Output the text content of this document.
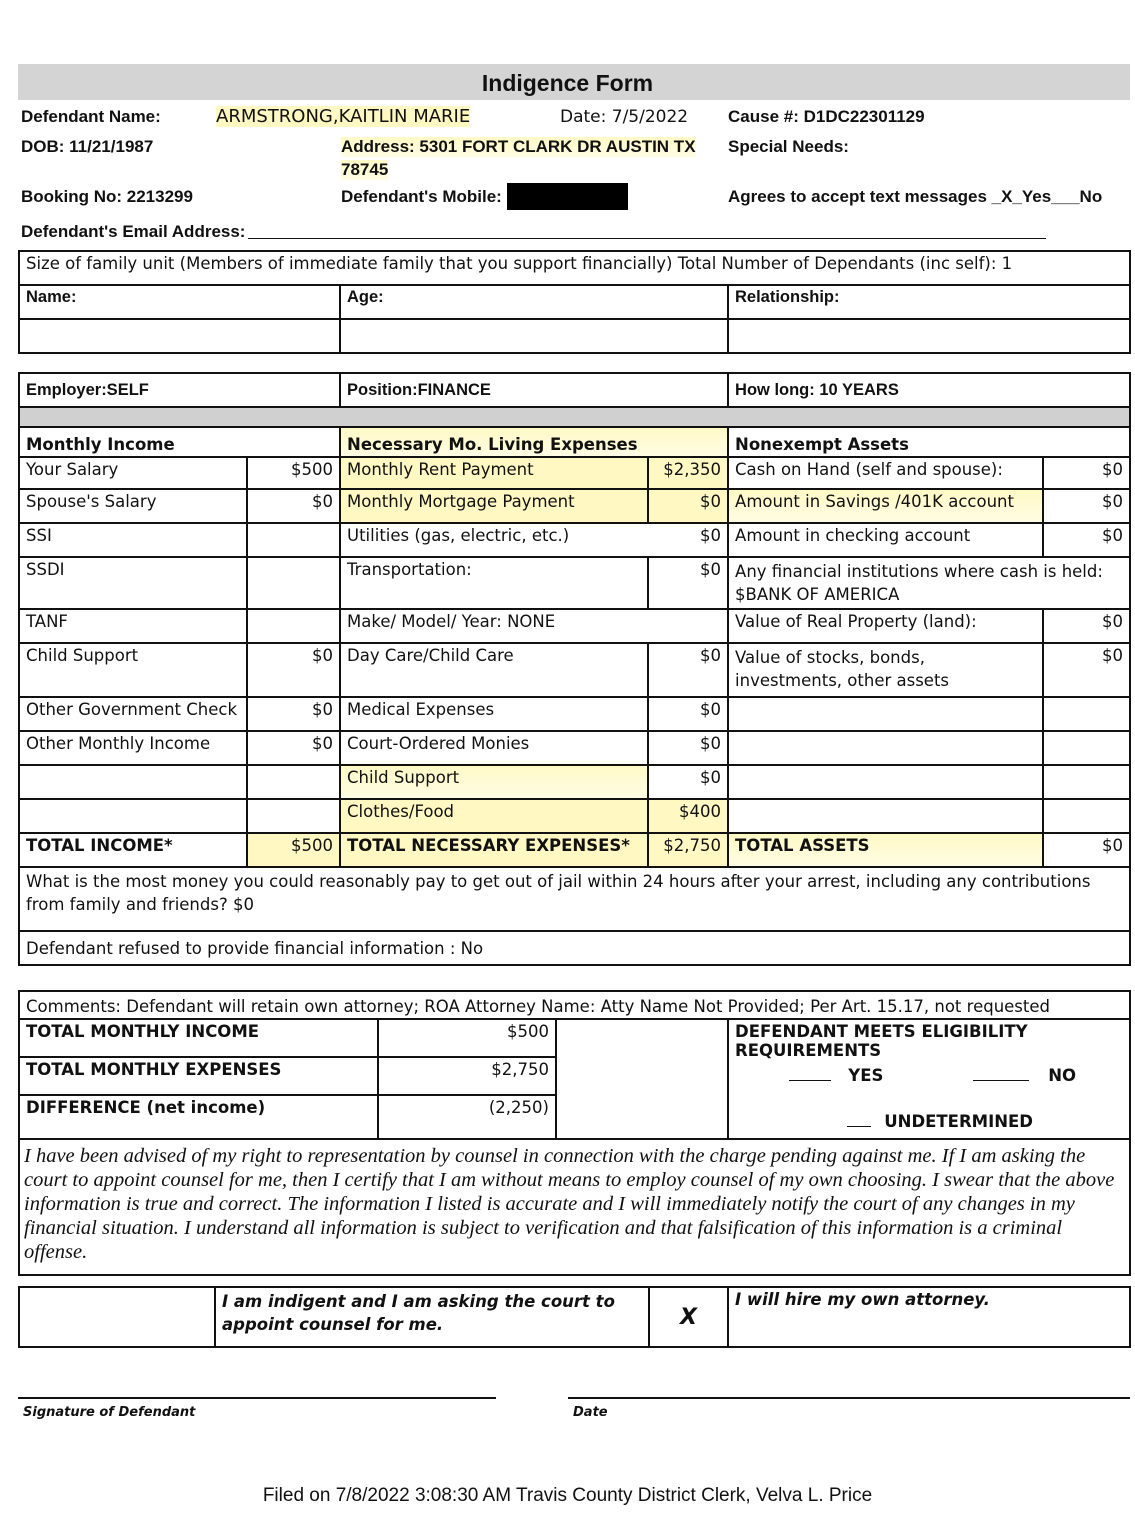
Indigence Form
Defendant Name:	ARMSTRONG,KAITLIN MARIE	Date: 7/5/2022 Cause #: D1DC22301129
DOB: 11/21/1987	Address: 5301 FORT CLARK DR AUSTIN TX
78745
Special Needs:
Booking No: 2213299	Defendant's Mobile:	Agrees to accept text messages _X_Yes___No
Defendant's Email Address:
Size of family unit (Members of immediate family that you support financially) Total Number of Dependants (inc self): 1		
Name:	Age:	Relationship:

Employer:SELF		Position:FINANCE		How long: 10 YEARS	

Monthly Income		Necessary Mo. Living Expenses		Nonexempt Assets	
Your Salary	$500	Monthly Rent Payment	$2,350	Cash on Hand (self and spouse):	$0
Spouse's Salary	$0	Monthly Mortgage Payment	$0	Amount in Savings /401K account	$0
SSI		Utilities (gas, electric, etc.) $0		Amount in checking account	$0
SSDI		Transportation:	$0	Any financial institutions where cash is held: $BANK OF AMERICA	
TANF		Make/ Model/ Year: NONE		Value of Real Property (land):	$0
Child Support	$0	Day Care/Child Care	$0	Value of stocks, bonds, investments, other assets	$0
Other Government Check	$0	Medical Expenses	$0		
Other Monthly Income	$0	Court-Ordered Monies	$0		
		Child Support	$0		
		Clothes/Food	$400		
TOTAL INCOME*	$500	TOTAL NECESSARY EXPENSES*	$2,750	TOTAL ASSETS	$0
What is the most money you could reasonably pay to get out of jail within 24 hours after your arrest, including any contributions from family and friends? $0					
Defendant refused to provide financial information : No					
Comments: Defendant will retain own attorney; ROA Attorney Name: Atty Name Not Provided; Per Art. 15.17, not requested			
TOTAL MONTHLY INCOME	$500		DEFENDANT MEETS ELIGIBILITY REQUIREMENTS
YES NO
UNDETERMINED

TOTAL MONTHLY EXPENSES	$2,750		
DIFFERENCE (net income)	(2,250)		
I have been advised of my right to representation by counsel in connection with the charge pending against me. If I am asking the court to appoint counsel for me, then I certify that I am without means to employ counsel of my own choosing. I swear that the above information is true and correct. The information I listed is accurate and I will immediately notify the court of any changes in my financial situation. I understand all information is subject to verification and that falsification of this information is a criminal offense.			
	I am indigent and I am asking the court to appoint counsel for me.	X	I will hire my own attorney.
Signature of Defendant	Date
Filed on 7/8/2022 3:08:30 AM Travis County District Clerk, Velva L. Price
